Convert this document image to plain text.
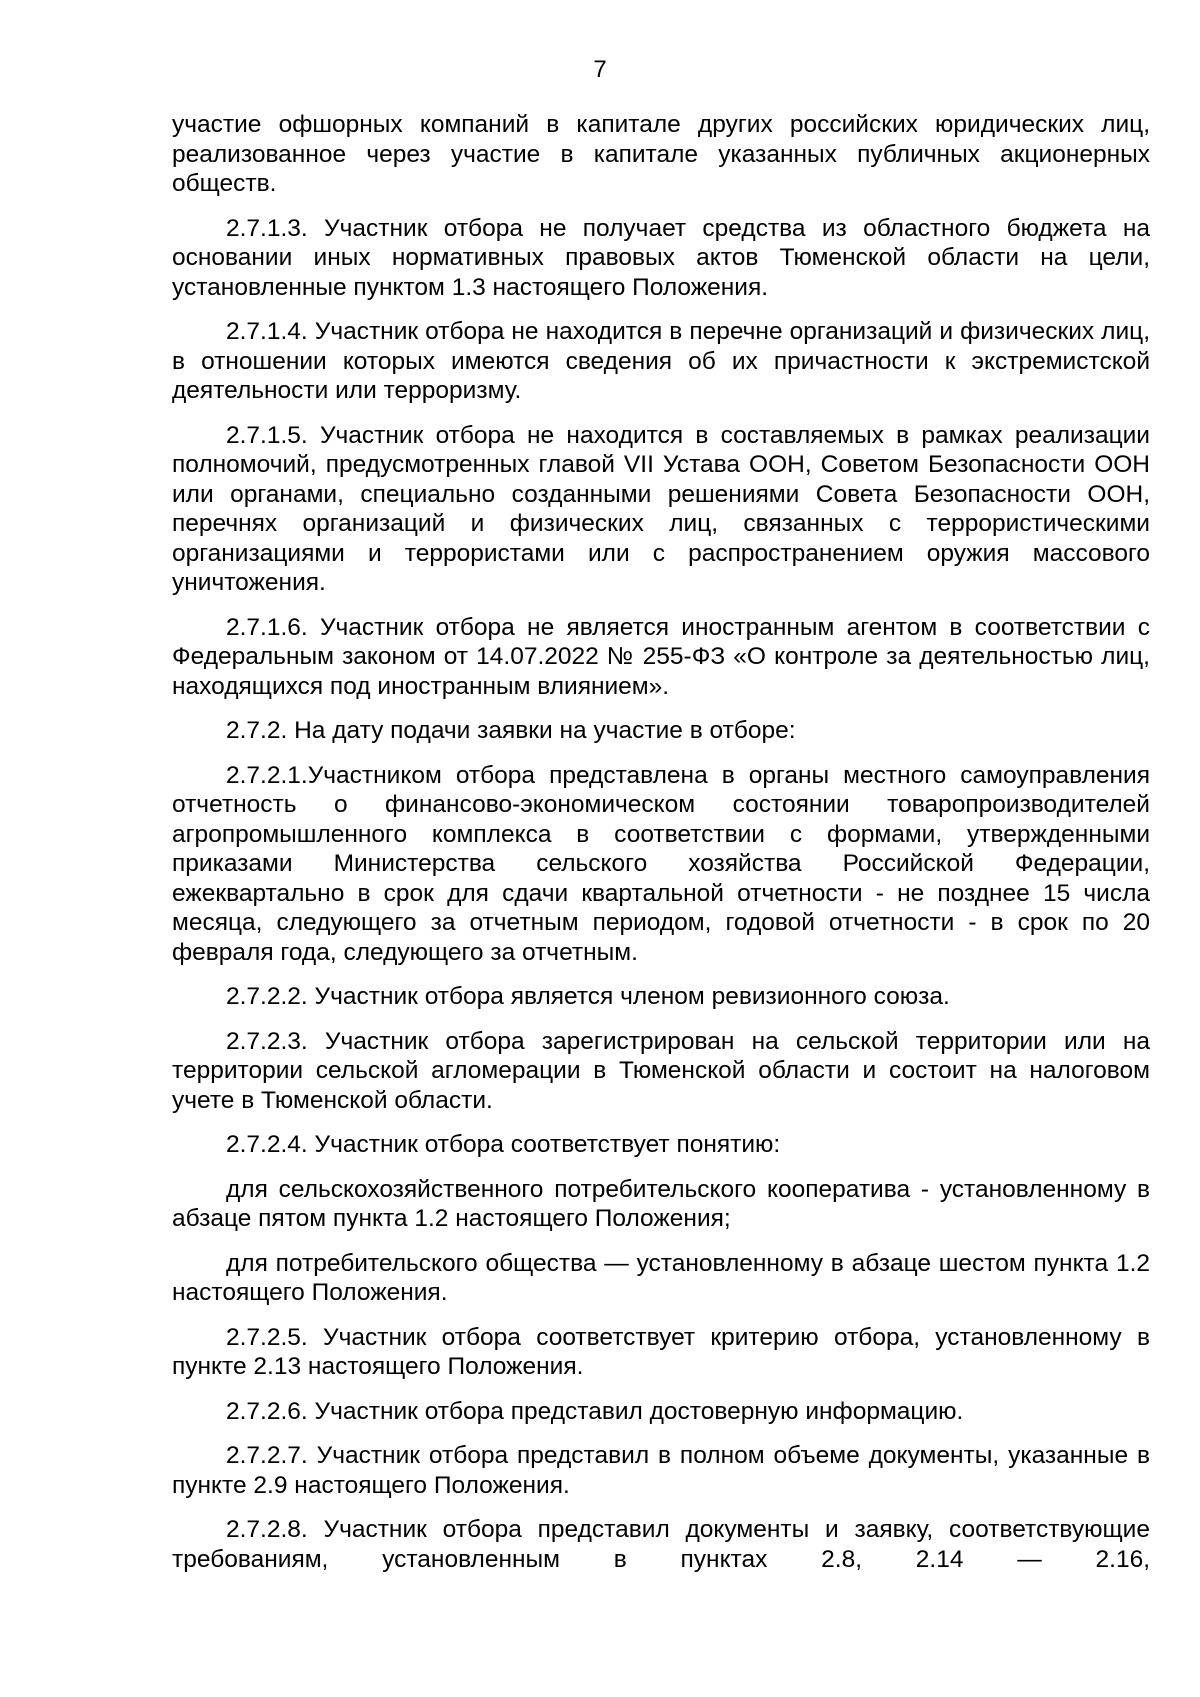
7

участие офшорных компаний в капитале других российских юридических лиц, реализованное через участие в капитале указанных публичных акционерных обществ.

2.7.1.3. Участник отбора не получает средства из областного бюджета на основании иных нормативных правовых актов Тюменской области на цели, установленные пунктом 1.3 настоящего Положения.

2.7.1.4. Участник отбора не находится в перечне организаций и физических лиц, в отношении которых имеются сведения об их причастности к экстремистской деятельности или терроризму.

2.7.1.5. Участник отбора не находится в составляемых в рамках реализации полномочий, предусмотренных главой VII Устава ООН, Советом Безопасности ООН или органами, специально созданными решениями Совета Безопасности ООН, перечнях организаций и физических лиц, связанных с террористическими организациями и террористами или с распространением оружия массового уничтожения.

2.7.1.6. Участник отбора не является иностранным агентом в соответствии с Федеральным законом от 14.07.2022 № 255-ФЗ «О контроле за деятельностью лиц, находящихся под иностранным влиянием».

2.7.2. На дату подачи заявки на участие в отборе:

2.7.2.1.Участником отбора представлена в органы местного самоуправления отчетность о финансово-экономическом состоянии товаропроизводителей агропромышленного комплекса в соответствии с формами, утвержденными приказами Министерства сельского хозяйства Российской Федерации, ежеквартально в срок для сдачи квартальной отчетности - не позднее 15 числа месяца, следующего за отчетным периодом, годовой отчетности - в срок по 20 февраля года, следующего за отчетным.

2.7.2.2. Участник отбора является членом ревизионного союза.

2.7.2.3. Участник отбора зарегистрирован на сельской территории или на территории сельской агломерации в Тюменской области и состоит на налоговом учете в Тюменской области.

2.7.2.4. Участник отбора соответствует понятию:

для сельскохозяйственного потребительского кооператива - установленному в абзаце пятом пункта 1.2 настоящего Положения;

для потребительского общества — установленному в абзаце шестом пункта 1.2 настоящего Положения.

2.7.2.5. Участник отбора соответствует критерию отбора, установленному в пункте 2.13 настоящего Положения.

2.7.2.6. Участник отбора представил достоверную информацию.

2.7.2.7. Участник отбора представил в полном объеме документы, указанные в пункте 2.9 настоящего Положения.

2.7.2.8. Участник отбора представил документы и заявку, соответствующие требованиям, установленным в пунктах 2.8, 2.14 — 2.16,
